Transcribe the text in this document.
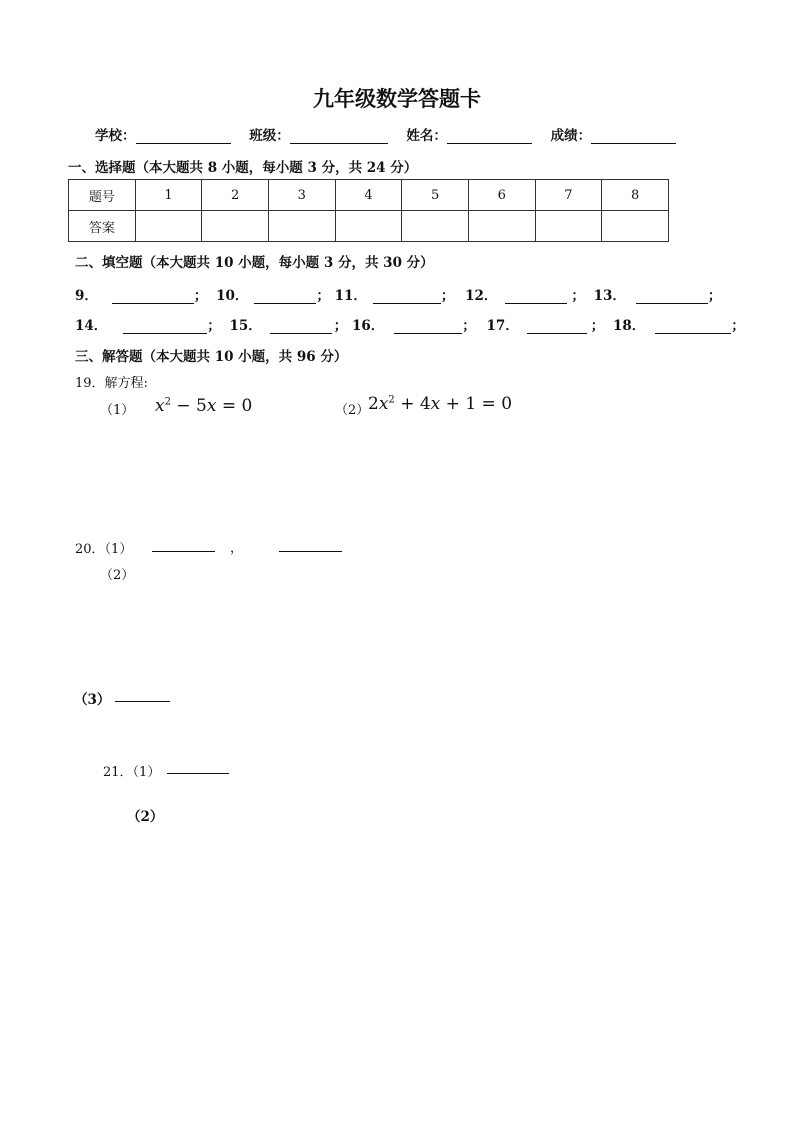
九年级数学答题卡
学校：	班级：	姓名：	成绩：
一、选择题（本大题共 8 小题，每小题 3 分，共 24 分）
题号	1	2	3	4	5	6	7	8
答案								
二、填空题（本大题共 10 小题，每小题 3 分，共 30 分）
9．	； 10．	； 11．	； 12．	； 13．	；
14．	； 15．	； 16．	； 17．	； 18．	；
三、解答题（本大题共 10 小题，共 96 分）
19．解方程:
（1） $x^2 - 5x = 0$	（2）
$2x^2 + 4x + 1 = 0$
20．（1）	，
（2）
（3）
21．（1）
（2）
